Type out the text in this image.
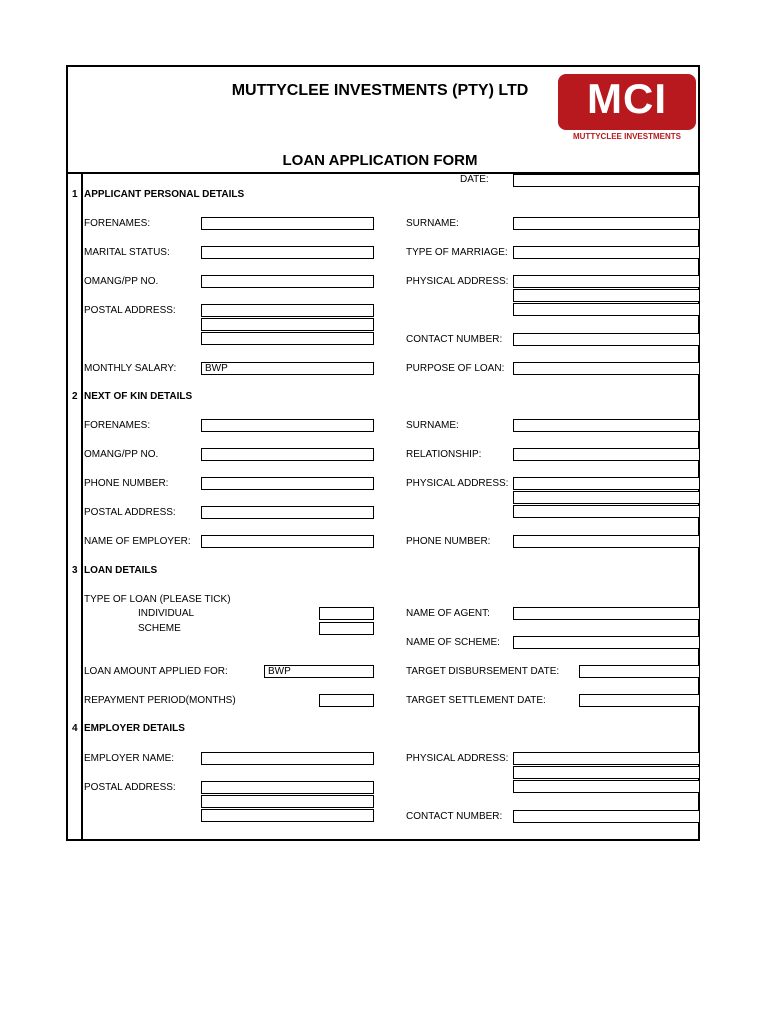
MUTTYCLEE INVESTMENTS (PTY) LTD	MCI
MUTTYCLEE INVESTMENTS
LOAN APPLICATION FORM
DATE:
1 APPLICANT PERSONAL DETAILS
FORENAMES:	SURNAME:
MARITAL STATUS:	TYPE OF MARRIAGE:
OMANG/PP NO.	PHYSICAL ADDRESS:
POSTAL ADDRESS:
CONTACT NUMBER:
MONTHLY SALARY:	BWP	PURPOSE OF LOAN:
2 NEXT OF KIN DETAILS
FORENAMES:	SURNAME:
OMANG/PP NO.	RELATIONSHIP:
PHONE NUMBER:	PHYSICAL ADDRESS:
POSTAL ADDRESS:
NAME OF EMPLOYER:	PHONE NUMBER:
3 LOAN DETAILS
TYPE OF LOAN (PLEASE TICK)
INDIVIDUAL
SCHEME
NAME OF AGENT:
NAME OF SCHEME:
LOAN AMOUNT APPLIED FOR:	BWP	TARGET DISBURSEMENT DATE:
REPAYMENT PERIOD(MONTHS)	TARGET SETTLEMENT DATE:
4 EMPLOYER DETAILS
EMPLOYER NAME:	PHYSICAL ADDRESS:
POSTAL ADDRESS:
CONTACT NUMBER:
